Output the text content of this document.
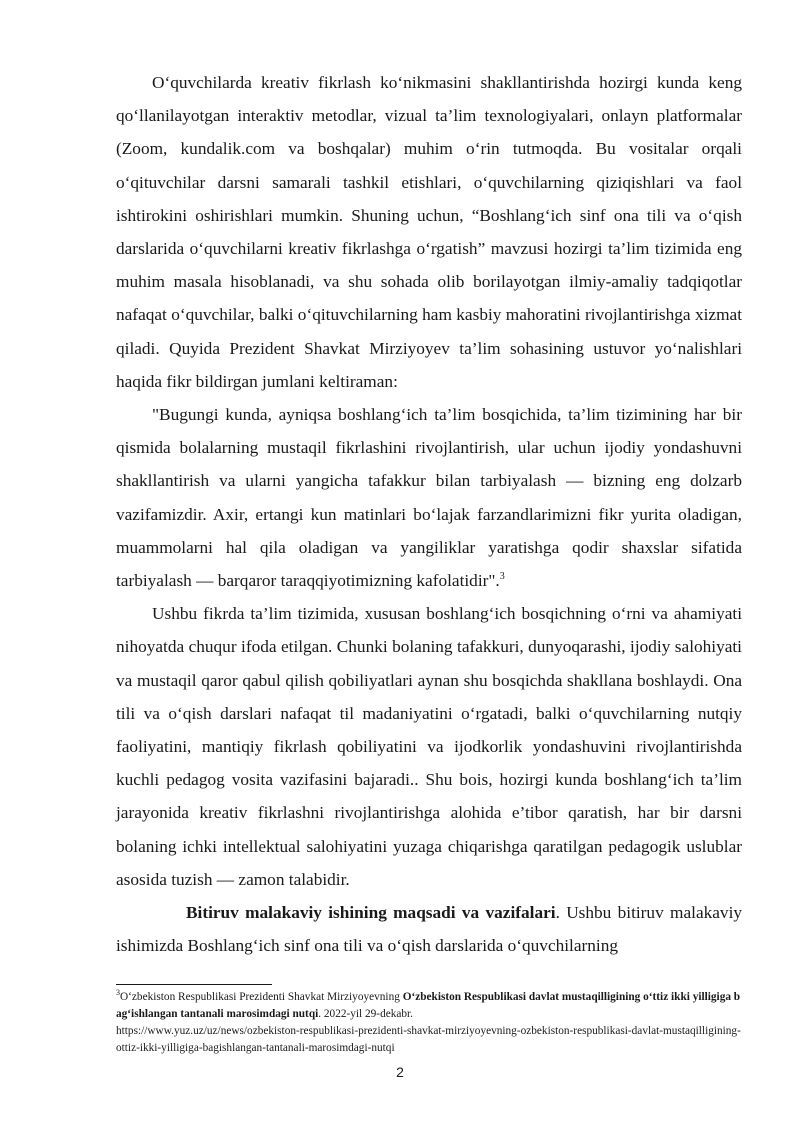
O‘quvchilarda kreativ fikrlash ko‘nikmasini shakllantirishda hozirgi kunda keng qo‘llanilayotgan interaktiv metodlar, vizual ta’lim texnologiyalari, onlayn platformalar (Zoom, kundalik.com va boshqalar) muhim o‘rin tutmoqda. Bu vositalar orqali o‘qituvchilar darsni samarali tashkil etishlari, o‘quvchilarning qiziqishlari va faol ishtirokini oshirishlari mumkin. Shuning uchun, “Boshlang‘ich sinf ona tili va o‘qish darslarida o‘quvchilarni kreativ fikrlashga o‘rgatish” mavzusi hozirgi ta’lim tizimida eng muhim masala hisoblanadi, va shu sohada olib borilayotgan ilmiy-amaliy tadqiqotlar nafaqat o‘quvchilar, balki o‘qituvchilarning ham kasbiy mahoratini rivojlantirishga xizmat qiladi. Quyida Prezident Shavkat Mirziyoyev ta’lim sohasining ustuvor yo‘nalishlari haqida fikr bildirgan jumlani keltiraman:

"Bugungi kunda, ayniqsa boshlang‘ich ta’lim bosqichida, ta’lim tizimining har bir qismida bolalarning mustaqil fikrlashini rivojlantirish, ular uchun ijodiy yondashuvni shakllantirish va ularni yangicha tafakkur bilan tarbiyalash — bizning eng dolzarb vazifamizdir. Axir, ertangi kun matinlari bo‘lajak farzandlarimizni fikr yurita oladigan, muammolarni hal qila oladigan va yangiliklar yaratishga qodir shaxslar sifatida tarbiyalash — barqaror taraqqiyotimizning kafolatidir".$^3$

Ushbu fikrda ta’lim tizimida, xususan boshlang‘ich bosqichning o‘rni va ahamiyati nihoyatda chuqur ifoda etilgan. Chunki bolaning tafakkuri, dunyoqarashi, ijodiy salohiyati va mustaqil qaror qabul qilish qobiliyatlari aynan shu bosqichda shakllana boshlaydi. Ona tili va o‘qish darslari nafaqat til madaniyatini o‘rgatadi, balki o‘quvchilarning nutqiy faoliyatini, mantiqiy fikrlash qobiliyatini va ijodkorlik yondashuvini rivojlantirishda kuchli pedagog vosita vazifasini bajaradi.. Shu bois, hozirgi kunda boshlang‘ich ta’lim jarayonida kreativ fikrlashni rivojlantirishga alohida e’tibor qaratish, har bir darsni bolaning ichki intellektual salohiyatini yuzaga chiqarishga qaratilgan pedagogik uslublar asosida tuzish — zamon talabidir.

Bitiruv malakaviy ishining maqsadi va vazifalari. Ushbu bitiruv malakaviy ishimizda Boshlang‘ich sinf ona tili va o‘qish darslarida o‘quvchilarning

$^3$O‘zbekiston Respublikasi Prezidenti Shavkat Mirziyoyevning O‘zbekiston Respublikasi davlat mustaqilligining o‘ttiz ikki yilligiga bag‘ishlangan tantanali marosimdagi nutqi. 2022-yil 29-dekabr.
https://www.yuz.uz/uz/news/ozbekiston-respublikasi-prezidenti-shavkat-mirziyoyevning-ozbekiston-respublikasi-davlat-mustaqilligining-ottiz-ikki-yilligiga-bagishlangan-tantanali-marosimdagi-nutqi
2
